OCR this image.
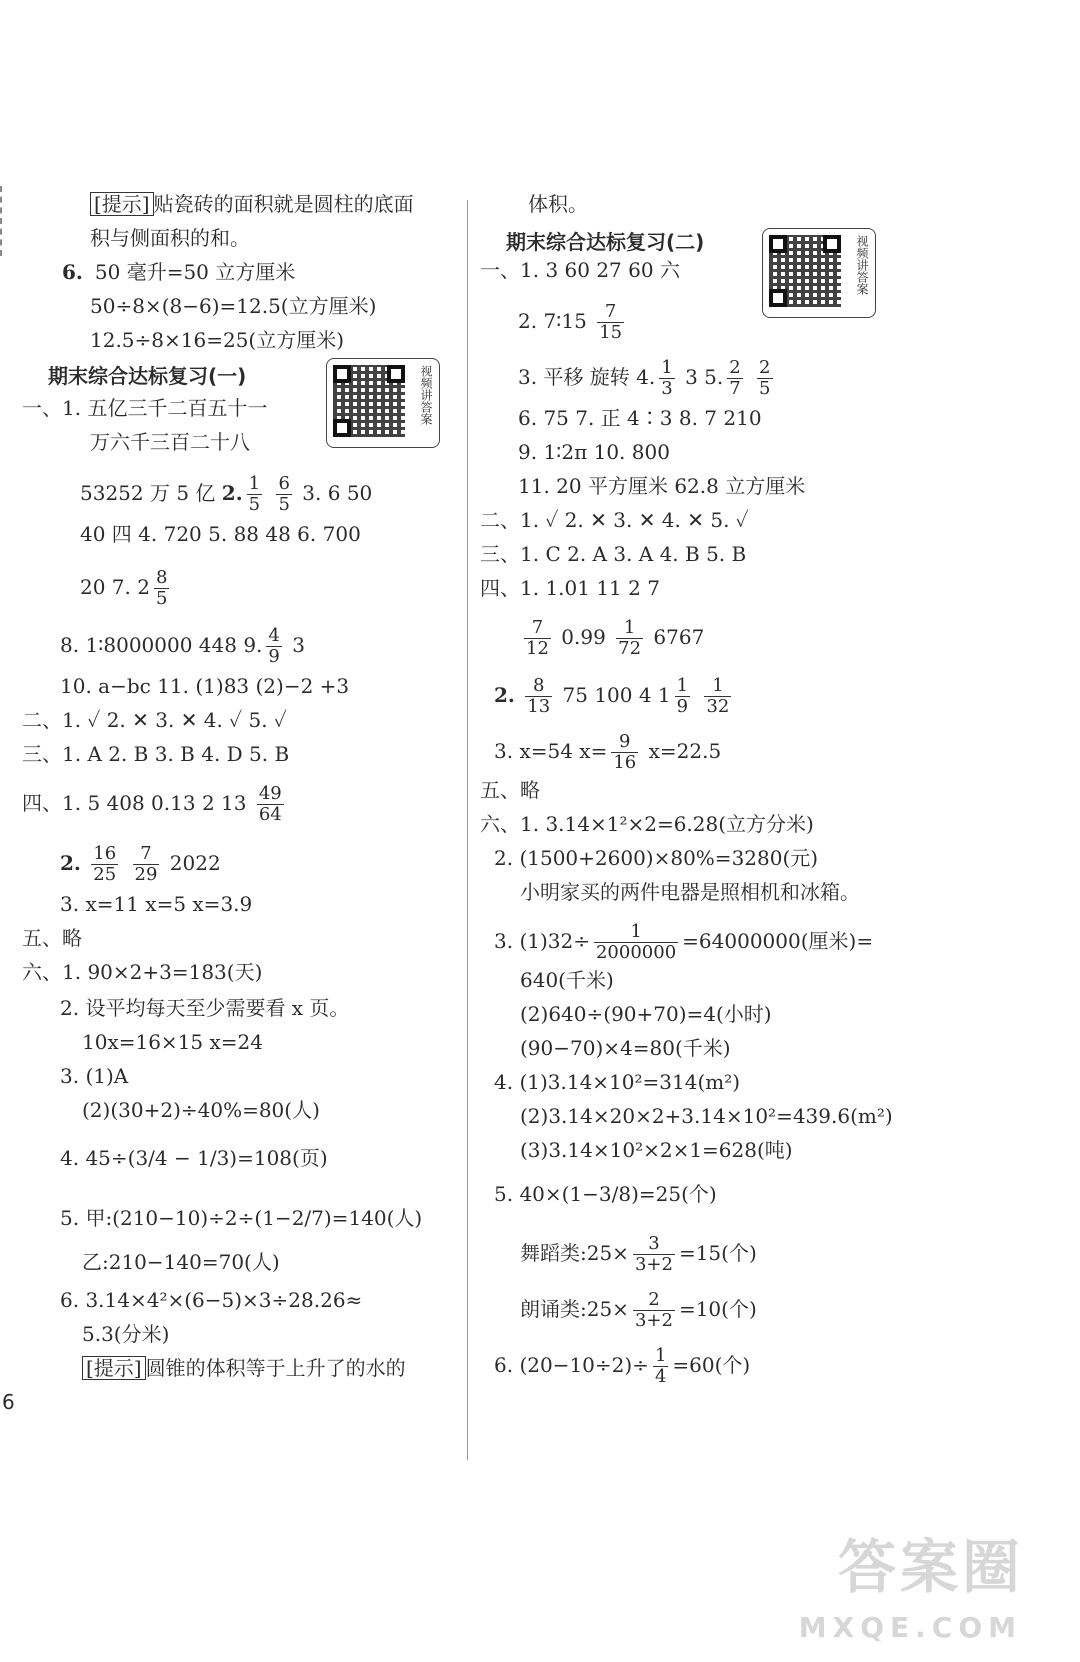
[提示] 贴瓷砖的面积就是圆柱的底面
积与侧面积的和。
6. 50 毫升=50 立方厘米
50÷8×(8−6)=12.5(立方厘米)
12.5÷8×16=25(立方厘米)
期末综合达标复习(一)	视频讲答案
一、1. 五亿三千二百五十一
万六千三百二十八
53252 万 5 亿 2. $\frac{1}{5}$
$\frac{6}{5} 3$. 6 50
40 四 4. 720 5. 88 48 6. 700
20 7. $2 \frac{8}{5}$
8. 1∶8000000 448 9. $\frac{4}{9} 3$
10. a−bc 11. (1)83 (2)−2 +3
二、1. ✓ 2. ✕ 3. ✕ 4. ✓ 5. ✓
三、1. A 2. B 3. B 4. D 5. B
四、1. 5 408 0.13 2 $13 \frac{49}{64}$
2. $\frac{16}{25}$
$\frac{7}{29} 2022$
3. x=11 x=5 x=3.9
五、略
六、1. 90×2+3=183(天)
2. 设平均每天至少需要看 x 页。
10x=16×15 x=24
3. (1)A
(2)(30+2)÷40%=80(人)
4. 45÷(3/4 − 1/3)=108(页)
5. 甲:(210−10)÷2÷(1−2/7)=140(人)
乙:210−140=70(人)
6. 3.14×4²×(6−5)×3÷28.26≈
5.3(分米)
[提示] 圆锥的体积等于上升了的水的
体积。
期末综合达标复习(二)	视频讲答案
一、1. 3 60 27 60 六
2. 7∶15 $\frac{7}{15}$
3. 平移 旋转 4. $\frac{1}{3} 3$ 5. $\frac{2}{7}$
$\frac{2}{5}$
6. 75 7. 正 4∶3 8. 7 210
9. 1∶2π 10. 800
11. 20 平方厘米 62.8 立方厘米
二、1. ✓ 2. ✕ 3. ✕ 4. ✕ 5. ✓
三、1. C 2. A 3. A 4. B 5. B
四、1. 1.01 11 2 7
$\frac{7}{12} 0.99 \frac{1}{72} 6767$
2. $\frac{8}{13} 75$ 100 4 $1 \frac{1}{9}$
$\frac{1}{32}$
3. x=54 $x= \frac{9}{16} x=22.5$
五、略
六、1. 3.14×1²×2=6.28(立方分米)
2. (1500+2600)×80%=3280(元)
小明家买的两件电器是照相机和冰箱。
3. $(1)32\div \frac{1}{2000000} =64000000$(厘米)=
640(千米)
(2)640÷(90+70)=4(小时)
(90−70)×4=80(千米)
4. (1)3.14×10²=314(m²)
(2)3.14×20×2+3.14×10²=439.6(m²)
(3)3.14×10²×2×1=628(吨)
5. 40×(1−3/8)=25(个)
舞蹈类:25× $\frac{3}{3+2} =15$(个)
朗诵类:25× $\frac{2}{3+2} =10$(个)
6. $(20-10\div 2)\div \frac{1}{4} =60$(个)
6
答案圈
MXQE.COM
